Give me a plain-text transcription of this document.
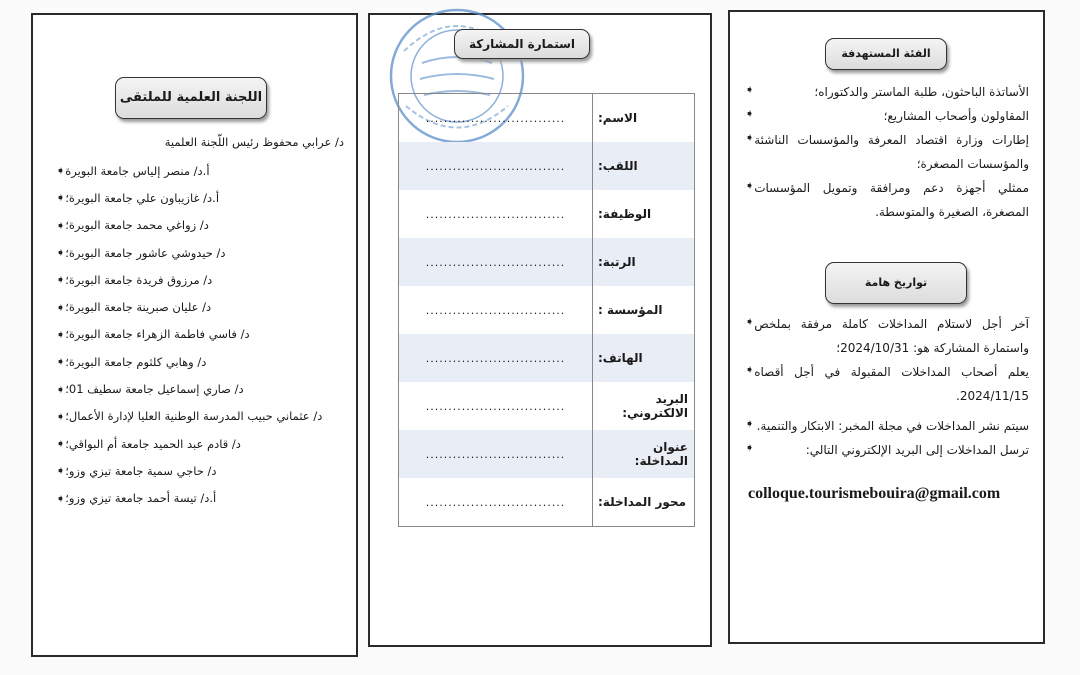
اللجنة العلمية للملتقى
د/ عرابي محفوظ رئيس اللّجنة العلمية
➧ أ.د/ منصر إلياس جامعة البويرة
➧ أ.د/ غازيباون علي جامعة البويرة؛
➧ د/ زواغي محمد جامعة البويرة؛
➧ د/ حيدوشي عاشور جامعة البويرة؛
➧ د/ مرزوق فريدة جامعة البويرة؛
➧ د/ عليان صبرينة جامعة البويرة؛
➧ د/ فاسي فاطمة الزهراء جامعة البويرة؛
➧ د/ وهابي كلثوم جامعة البويرة؛
➧ د/ صاري إسماعيل جامعة سطيف 01؛
➧ د/ عثماني حبيب المدرسة الوطنية العليا لإدارة الأعمال؛
➧ د/ قادم عبد الحميد جامعة أم البواقي؛
➧ د/ حاجي سمية جامعة تيزي وزو؛
➧ أ.د/ تيسة أحمد جامعة تيزي وزو؛
استمارة المشاركة
...............................	الاسم:
...............................	اللقب:
...............................	الوظيفة:
...............................	الرتبة:
...............................	المؤسسة :
...............................	الهاتف:
...............................	البريد الالكتروني:
...............................	عنوان المداخلة:
...............................	محور المداخلة:
الفئة المستهدفة
➧	الأساتذة الباحثون، طلبة الماستر والدكتوراه؛
➧	المقاولون وأصحاب المشاريع؛
➧ إطارات وزارة اقتصاد المعرفة والمؤسسات الناشئة والمؤسسات المصغرة؛
➧ ممثلي أجهزة دعم ومرافقة وتمويل المؤسسات المصغرة، الصغيرة والمتوسطة.
تواريخ هامة
➧ آخر أجل لاستلام المداخلات كاملة مرفقة بملخص واستمارة المشاركة هو: 2024/10/31؛
➧ يعلم أصحاب المداخلات المقبولة في أجل أقصاه 2024/11/15.
➧ سيتم نشر المداخلات في مجلة المخبر: الابتكار والتنمية.
➧	ترسل المداخلات إلى البريد الإلكتروني التالي:
colloque.tourismebouira@gmail.com
